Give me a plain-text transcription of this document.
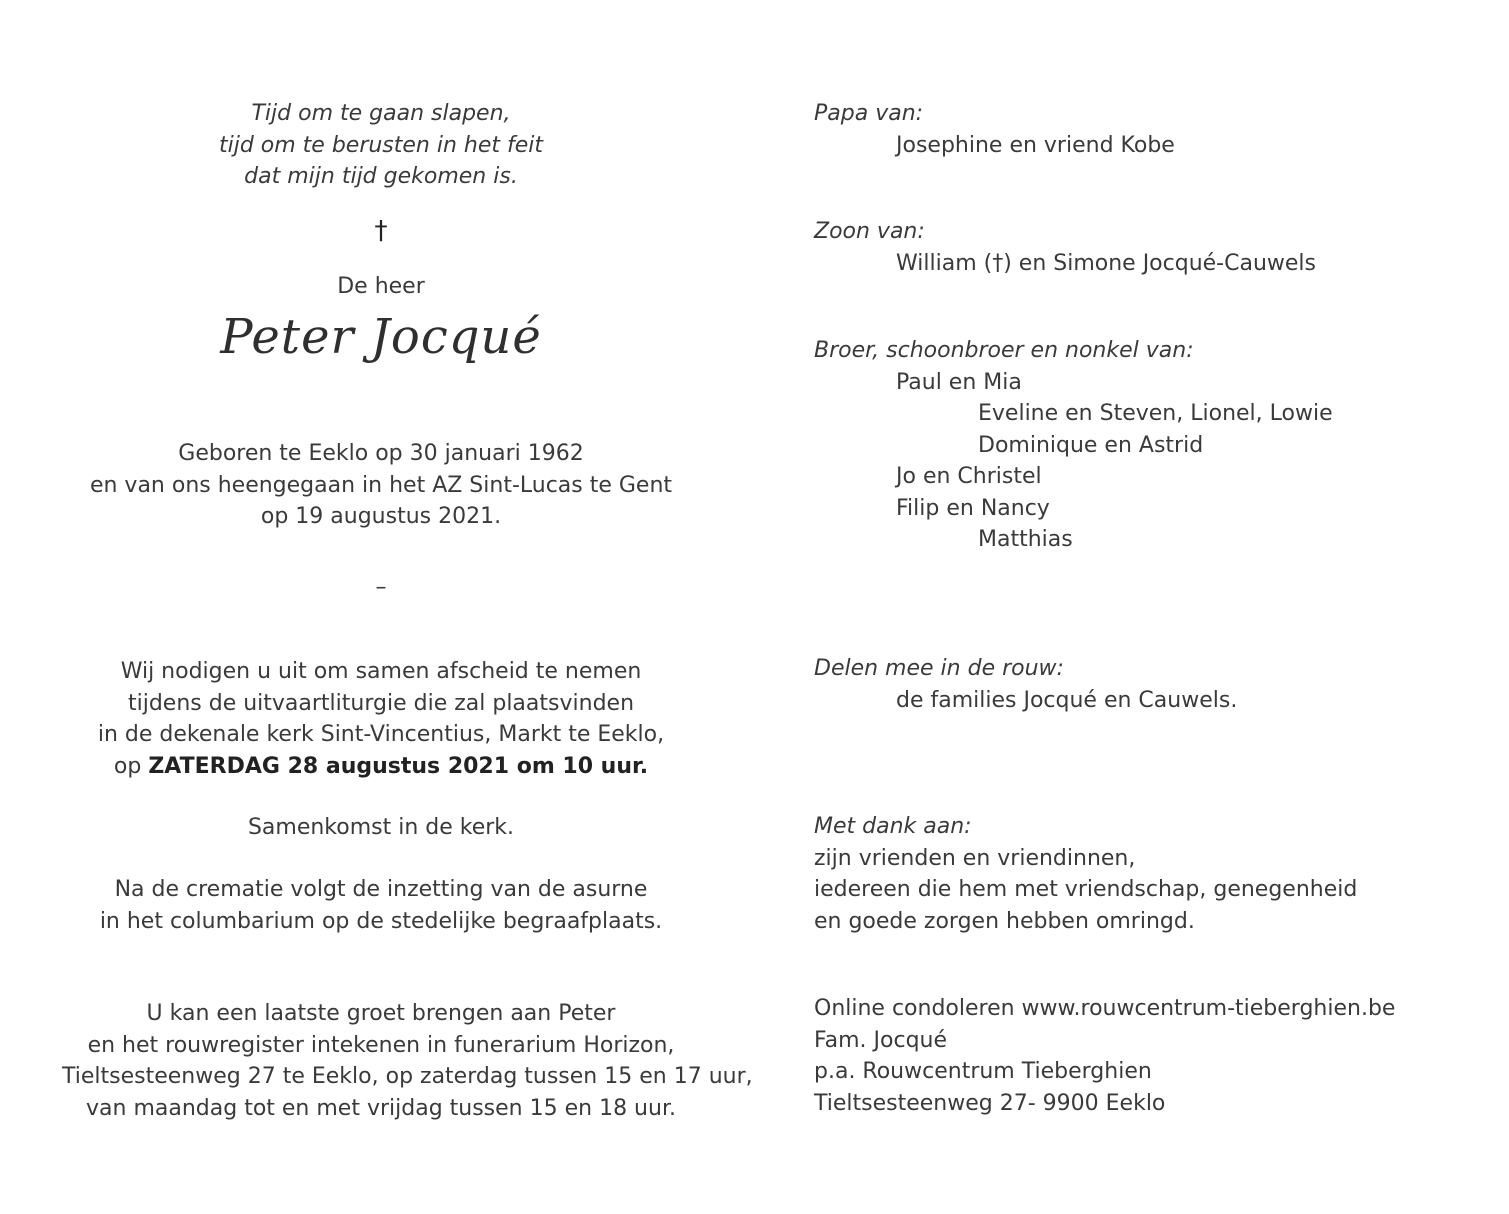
Tijd om te gaan slapen,
tijd om te berusten in het feit
dat mijn tijd gekomen is.
†
De heer
Peter Jocqué
Geboren te Eeklo op 30 januari 1962
en van ons heengegaan in het AZ Sint-Lucas te Gent
op 19 augustus 2021.
–
Wij nodigen u uit om samen afscheid te nemen
tijdens de uitvaartliturgie die zal plaatsvinden
in de dekenale kerk Sint-Vincentius, Markt te Eeklo,
op ZATERDAG 28 augustus 2021 om 10 uur.
Samenkomst in de kerk.
Na de crematie volgt de inzetting van de asurne
in het columbarium op de stedelijke begraafplaats.
U kan een laatste groet brengen aan Peter
en het rouwregister intekenen in funerarium Horizon,
Tieltsesteenweg 27 te Eeklo, op zaterdag tussen 15 en 17 uur,
van maandag tot en met vrijdag tussen 15 en 18 uur.
Papa van:
Josephine en vriend Kobe
Zoon van:
William (†) en Simone Jocqué-Cauwels
Broer, schoonbroer en nonkel van:
Paul en Mia
Eveline en Steven, Lionel, Lowie
Dominique en Astrid
Jo en Christel
Filip en Nancy
Matthias
Delen mee in de rouw:
de families Jocqué en Cauwels.
Met dank aan:
zijn vrienden en vriendinnen,
iedereen die hem met vriendschap, genegenheid
en goede zorgen hebben omringd.
Online condoleren www.rouwcentrum-tieberghien.be
Fam. Jocqué
p.a. Rouwcentrum Tieberghien
Tieltsesteenweg 27- 9900 Eeklo
